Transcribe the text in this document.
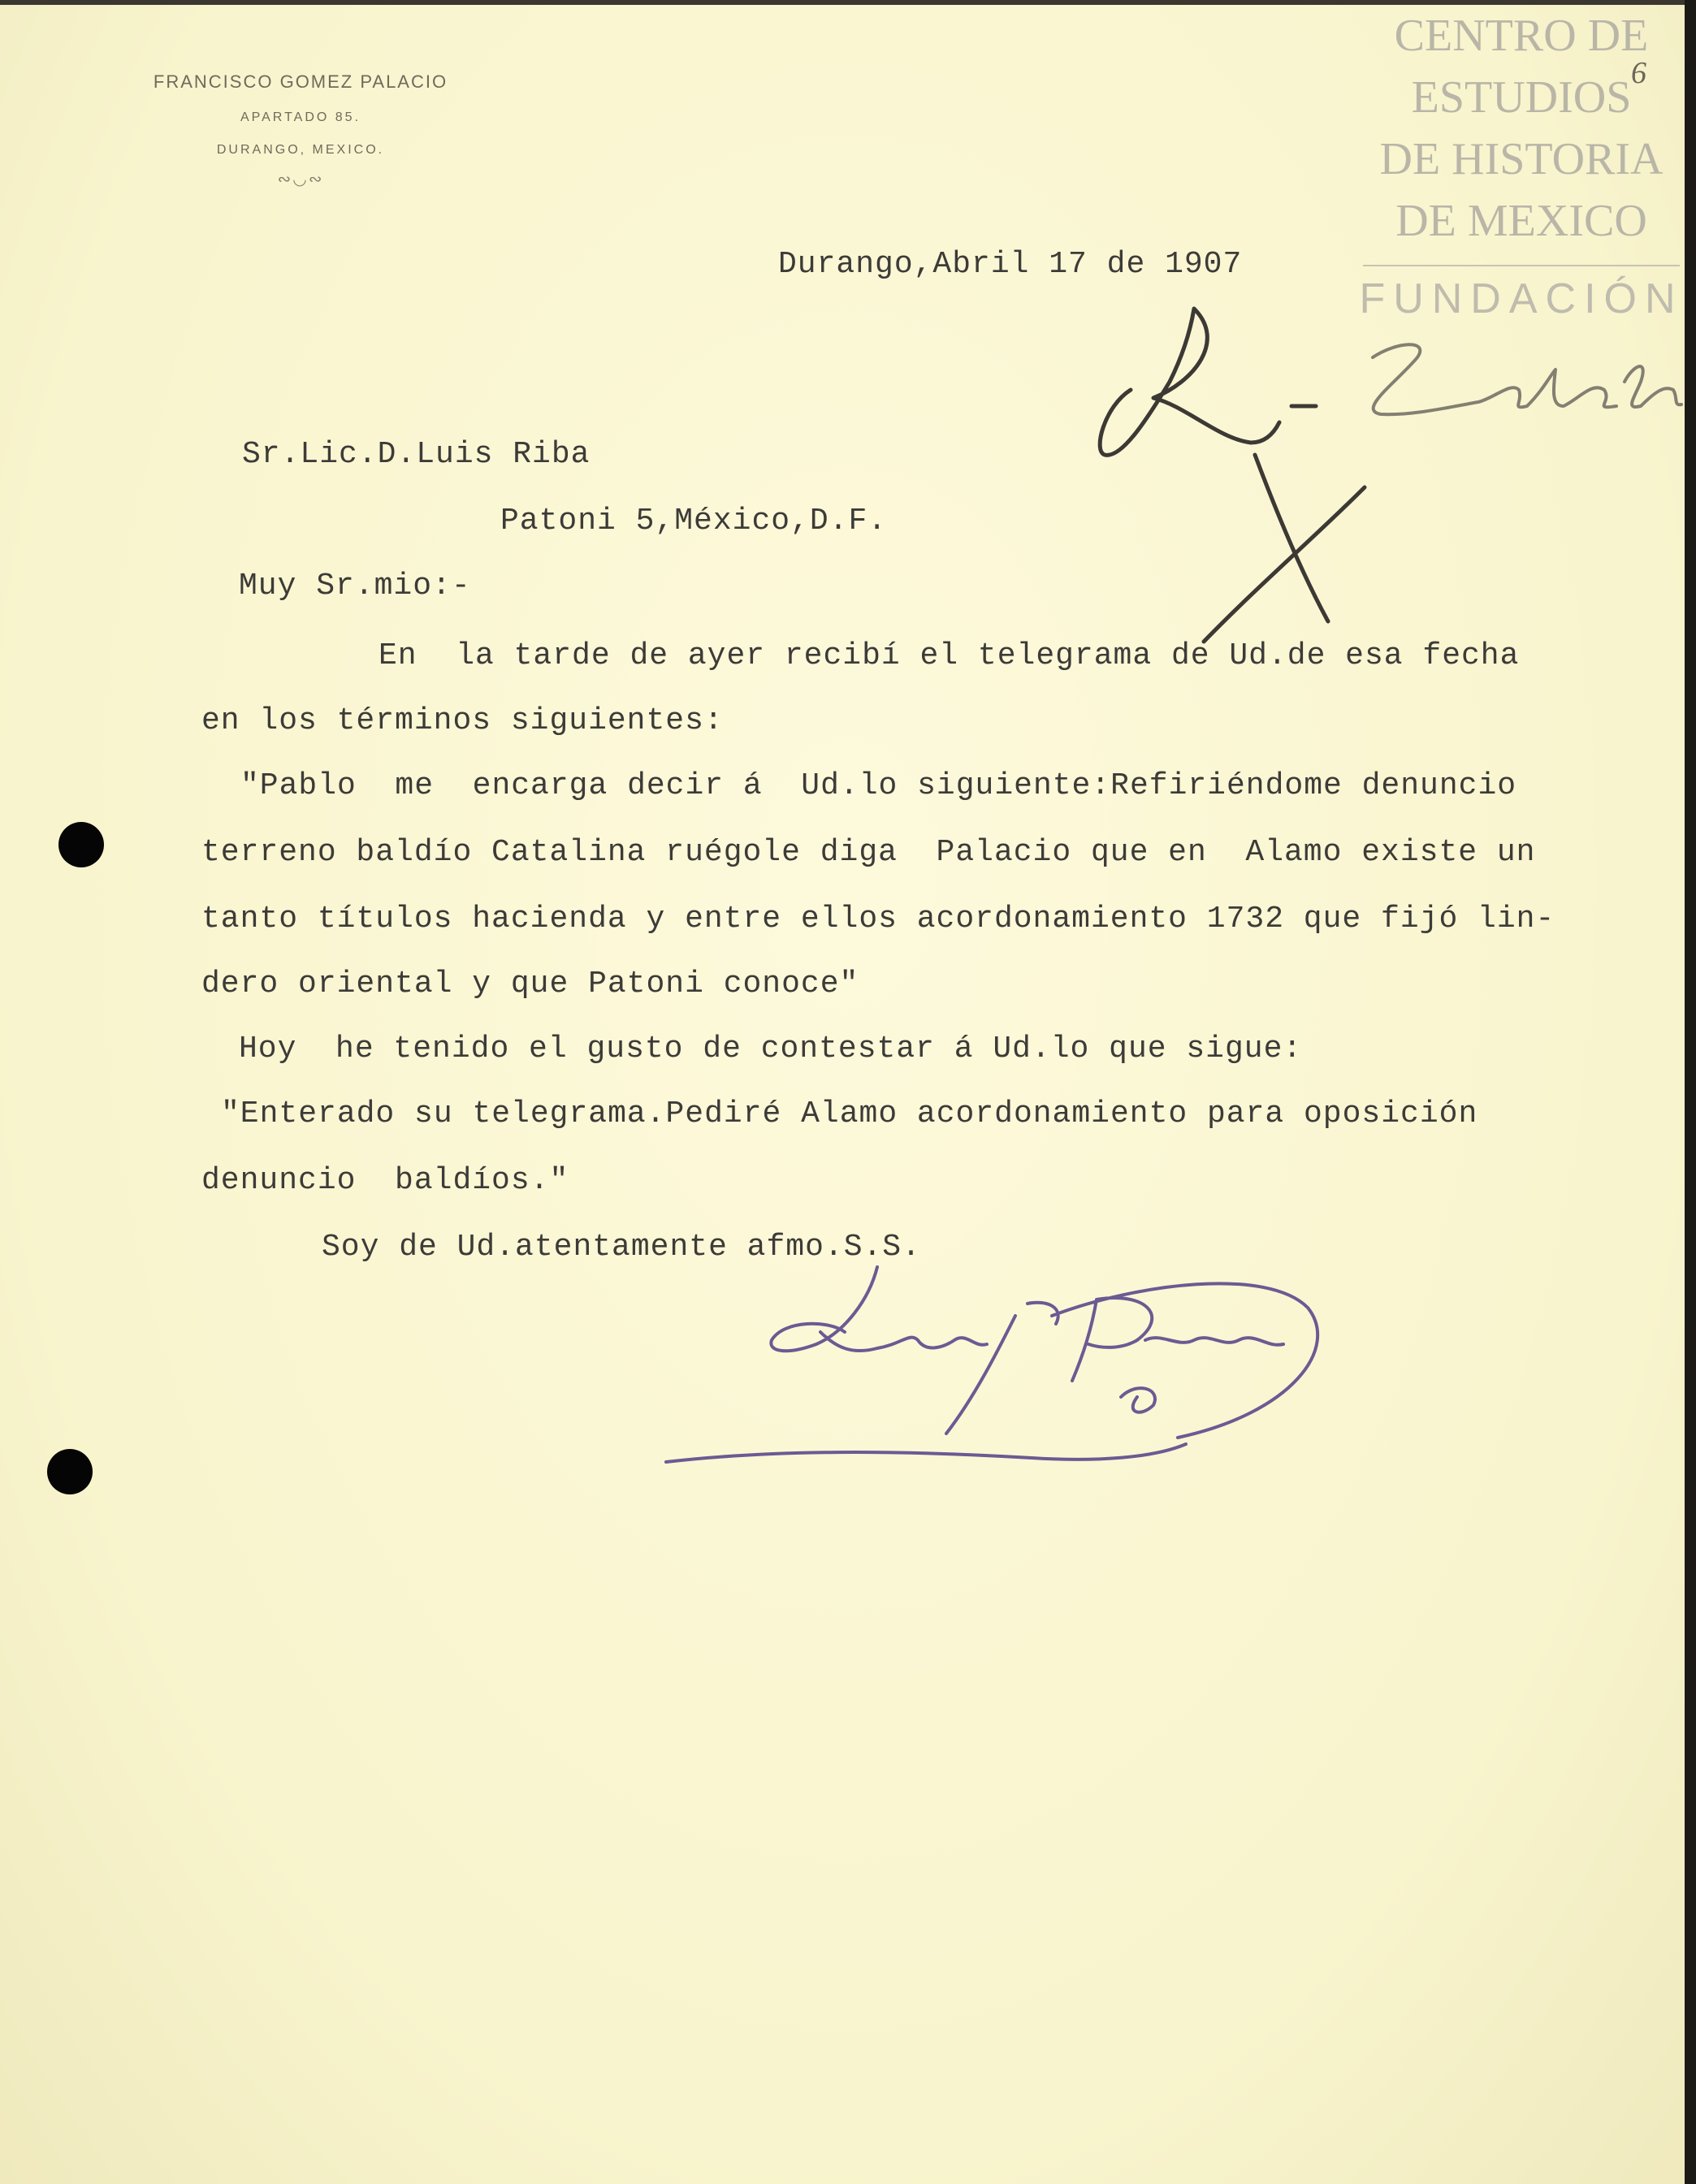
FRANCISCO GOMEZ PALACIO
APARTADO 85.
DURANGO, MEXICO.
∾◡∾
CENTRO DE
ESTUDIOS
DE HISTORIA
DE MEXICO
FUNDACIÓN
6
Durango,Abril 17 de 1907
Sr.Lic.D.Luis Riba
Patoni 5,México,D.F.
Muy Sr.mio:-
En  la tarde de ayer recibí el telegrama de Ud.de esa fecha
en los términos siguientes:
"Pablo  me  encarga decir á  Ud.lo siguiente:Refiriéndome denuncio
terreno baldío Catalina ruégole diga  Palacio que en  Alamo existe un
tanto títulos hacienda y entre ellos acordonamiento 1732 que fijó lin-
dero oriental y que Patoni conoce"
Hoy  he tenido el gusto de contestar á Ud.lo que sigue:
"Enterado su telegrama.Pediré Alamo acordonamiento para oposición
denuncio  baldíos."
Soy de Ud.atentamente afmo.S.S.
